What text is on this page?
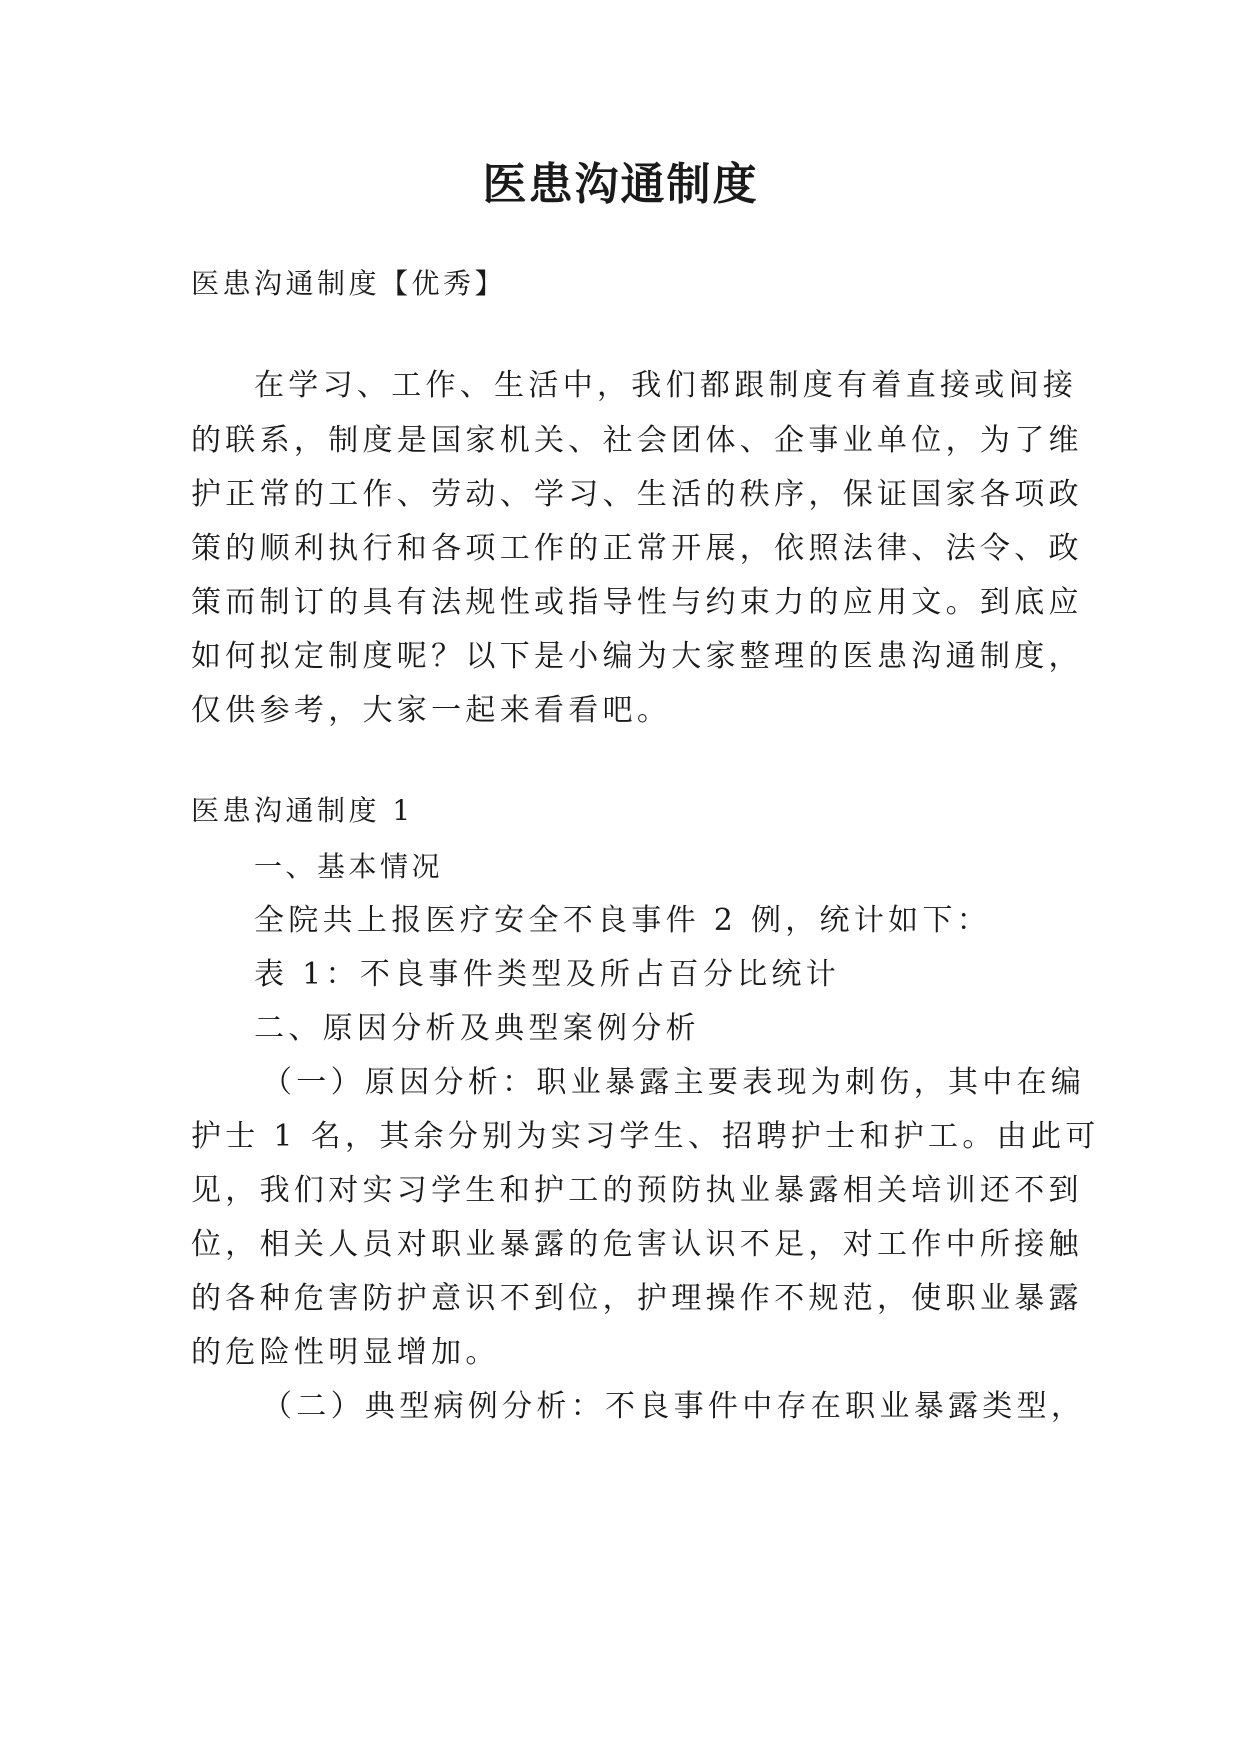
医患沟通制度
医患沟通制度【优秀】
在学习、工作、生活中，我们都跟制度有着直接或间接
的联系，制度是国家机关、社会团体、企事业单位，为了维
护正常的工作、劳动、学习、生活的秩序，保证国家各项政
策的顺利执行和各项工作的正常开展，依照法律、法令、政
策而制订的具有法规性或指导性与约束力的应用文。到底应
如何拟定制度呢？以下是小编为大家整理的医患沟通制度，
仅供参考，大家一起来看看吧。
医患沟通制度 1
一、基本情况
全院共上报医疗安全不良事件 2 例，统计如下：
表 1：不良事件类型及所占百分比统计
二、原因分析及典型案例分析
（一）原因分析：职业暴露主要表现为刺伤，其中在编
护士 1 名，其余分别为实习学生、招聘护士和护工。由此可
见，我们对实习学生和护工的预防执业暴露相关培训还不到
位，相关人员对职业暴露的危害认识不足，对工作中所接触
的各种危害防护意识不到位，护理操作不规范，使职业暴露
的危险性明显增加。
（二）典型病例分析：不良事件中存在职业暴露类型，
